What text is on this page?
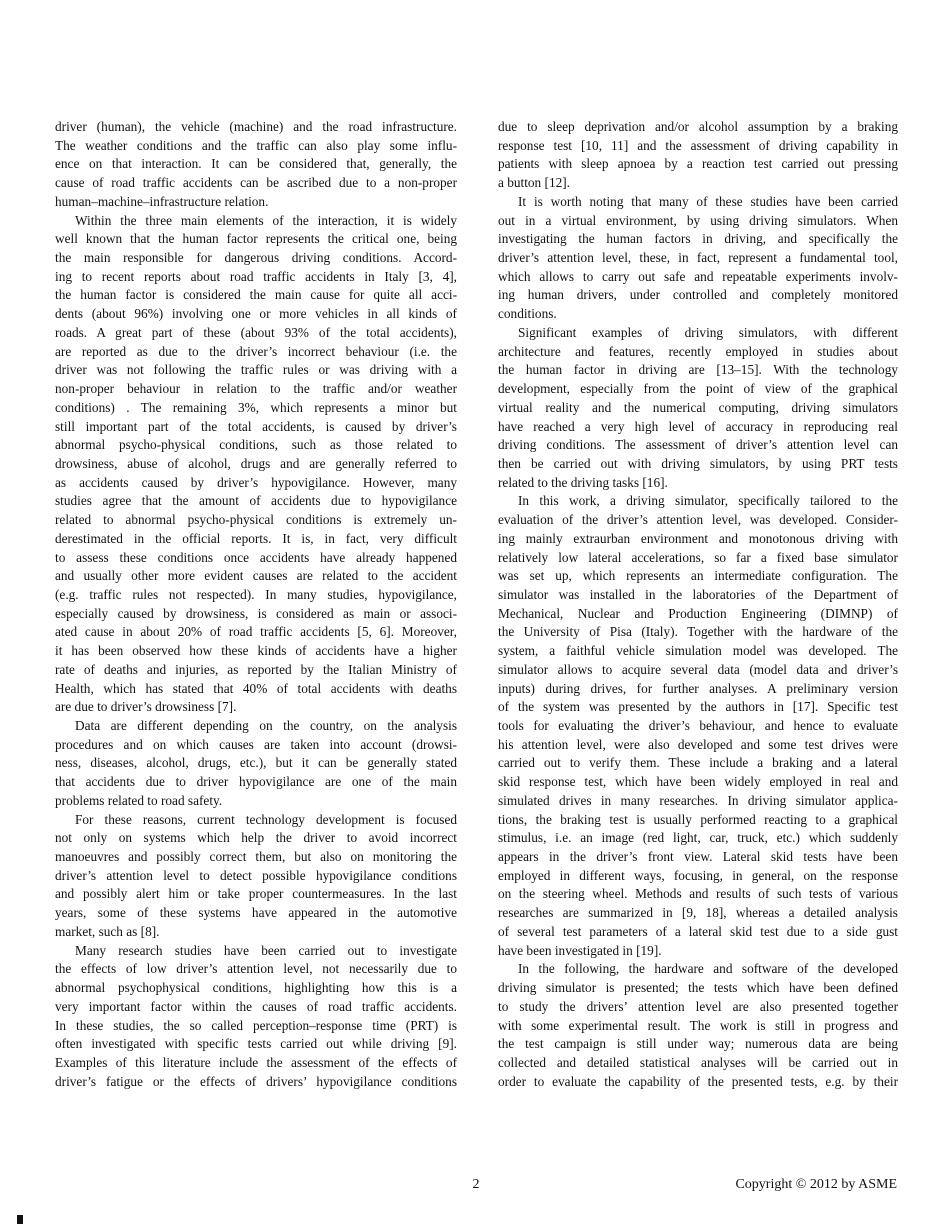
driver (human), the vehicle (machine) and the road infrastructure.
The weather conditions and the traffic can also play some influ-
ence on that interaction. It can be considered that, generally, the
cause of road traffic accidents can be ascribed due to a non-proper
human–machine–infrastructure relation.
Within the three main elements of the interaction, it is widely
well known that the human factor represents the critical one, being
the main responsible for dangerous driving conditions. Accord-
ing to recent reports about road traffic accidents in Italy [3, 4],
the human factor is considered the main cause for quite all acci-
dents (about 96%) involving one or more vehicles in all kinds of
roads. A great part of these (about 93% of the total accidents),
are reported as due to the driver’s incorrect behaviour (i.e. the
driver was not following the traffic rules or was driving with a
non-proper behaviour in relation to the traffic and/or weather
conditions) . The remaining 3%, which represents a minor but
still important part of the total accidents, is caused by driver’s
abnormal psycho-physical conditions, such as those related to
drowsiness, abuse of alcohol, drugs and are generally referred to
as accidents caused by driver’s hypovigilance. However, many
studies agree that the amount of accidents due to hypovigilance
related to abnormal psycho-physical conditions is extremely un-
derestimated in the official reports. It is, in fact, very difficult
to assess these conditions once accidents have already happened
and usually other more evident causes are related to the accident
(e.g. traffic rules not respected). In many studies, hypovigilance,
especially caused by drowsiness, is considered as main or associ-
ated cause in about 20% of road traffic accidents [5, 6]. Moreover,
it has been observed how these kinds of accidents have a higher
rate of deaths and injuries, as reported by the Italian Ministry of
Health, which has stated that 40% of total accidents with deaths
are due to driver’s drowsiness [7].
Data are different depending on the country, on the analysis
procedures and on which causes are taken into account (drowsi-
ness, diseases, alcohol, drugs, etc.), but it can be generally stated
that accidents due to driver hypovigilance are one of the main
problems related to road safety.
For these reasons, current technology development is focused
not only on systems which help the driver to avoid incorrect
manoeuvres and possibly correct them, but also on monitoring the
driver’s attention level to detect possible hypovigilance conditions
and possibly alert him or take proper countermeasures. In the last
years, some of these systems have appeared in the automotive
market, such as [8].
Many research studies have been carried out to investigate
the effects of low driver’s attention level, not necessarily due to
abnormal psychophysical conditions, highlighting how this is a
very important factor within the causes of road traffic accidents.
In these studies, the so called perception–response time (PRT) is
often investigated with specific tests carried out while driving [9].
Examples of this literature include the assessment of the effects of
driver’s fatigue or the effects of drivers’ hypovigilance conditions
due to sleep deprivation and/or alcohol assumption by a braking
response test [10, 11] and the assessment of driving capability in
patients with sleep apnoea by a reaction test carried out pressing
a button [12].
It is worth noting that many of these studies have been carried
out in a virtual environment, by using driving simulators. When
investigating the human factors in driving, and specifically the
driver’s attention level, these, in fact, represent a fundamental tool,
which allows to carry out safe and repeatable experiments involv-
ing human drivers, under controlled and completely monitored
conditions.
Significant examples of driving simulators, with different
architecture and features, recently employed in studies about
the human factor in driving are [13–15]. With the technology
development, especially from the point of view of the graphical
virtual reality and the numerical computing, driving simulators
have reached a very high level of accuracy in reproducing real
driving conditions. The assessment of driver’s attention level can
then be carried out with driving simulators, by using PRT tests
related to the driving tasks [16].
In this work, a driving simulator, specifically tailored to the
evaluation of the driver’s attention level, was developed. Consider-
ing mainly extraurban environment and monotonous driving with
relatively low lateral accelerations, so far a fixed base simulator
was set up, which represents an intermediate configuration. The
simulator was installed in the laboratories of the Department of
Mechanical, Nuclear and Production Engineering (DIMNP) of
the University of Pisa (Italy). Together with the hardware of the
system, a faithful vehicle simulation model was developed. The
simulator allows to acquire several data (model data and driver’s
inputs) during drives, for further analyses. A preliminary version
of the system was presented by the authors in [17]. Specific test
tools for evaluating the driver’s behaviour, and hence to evaluate
his attention level, were also developed and some test drives were
carried out to verify them. These include a braking and a lateral
skid response test, which have been widely employed in real and
simulated drives in many researches. In driving simulator applica-
tions, the braking test is usually performed reacting to a graphical
stimulus, i.e. an image (red light, car, truck, etc.) which suddenly
appears in the driver’s front view. Lateral skid tests have been
employed in different ways, focusing, in general, on the response
on the steering wheel. Methods and results of such tests of various
researches are summarized in [9, 18], whereas a detailed analysis
of several test parameters of a lateral skid test due to a side gust
have been investigated in [19].
In the following, the hardware and software of the developed
driving simulator is presented; the tests which have been defined
to study the drivers’ attention level are also presented together
with some experimental result. The work is still in progress and
the test campaign is still under way; numerous data are being
collected and detailed statistical analyses will be carried out in
order to evaluate the capability of the presented tests, e.g. by their
2	Copyright © 2012 by ASME
